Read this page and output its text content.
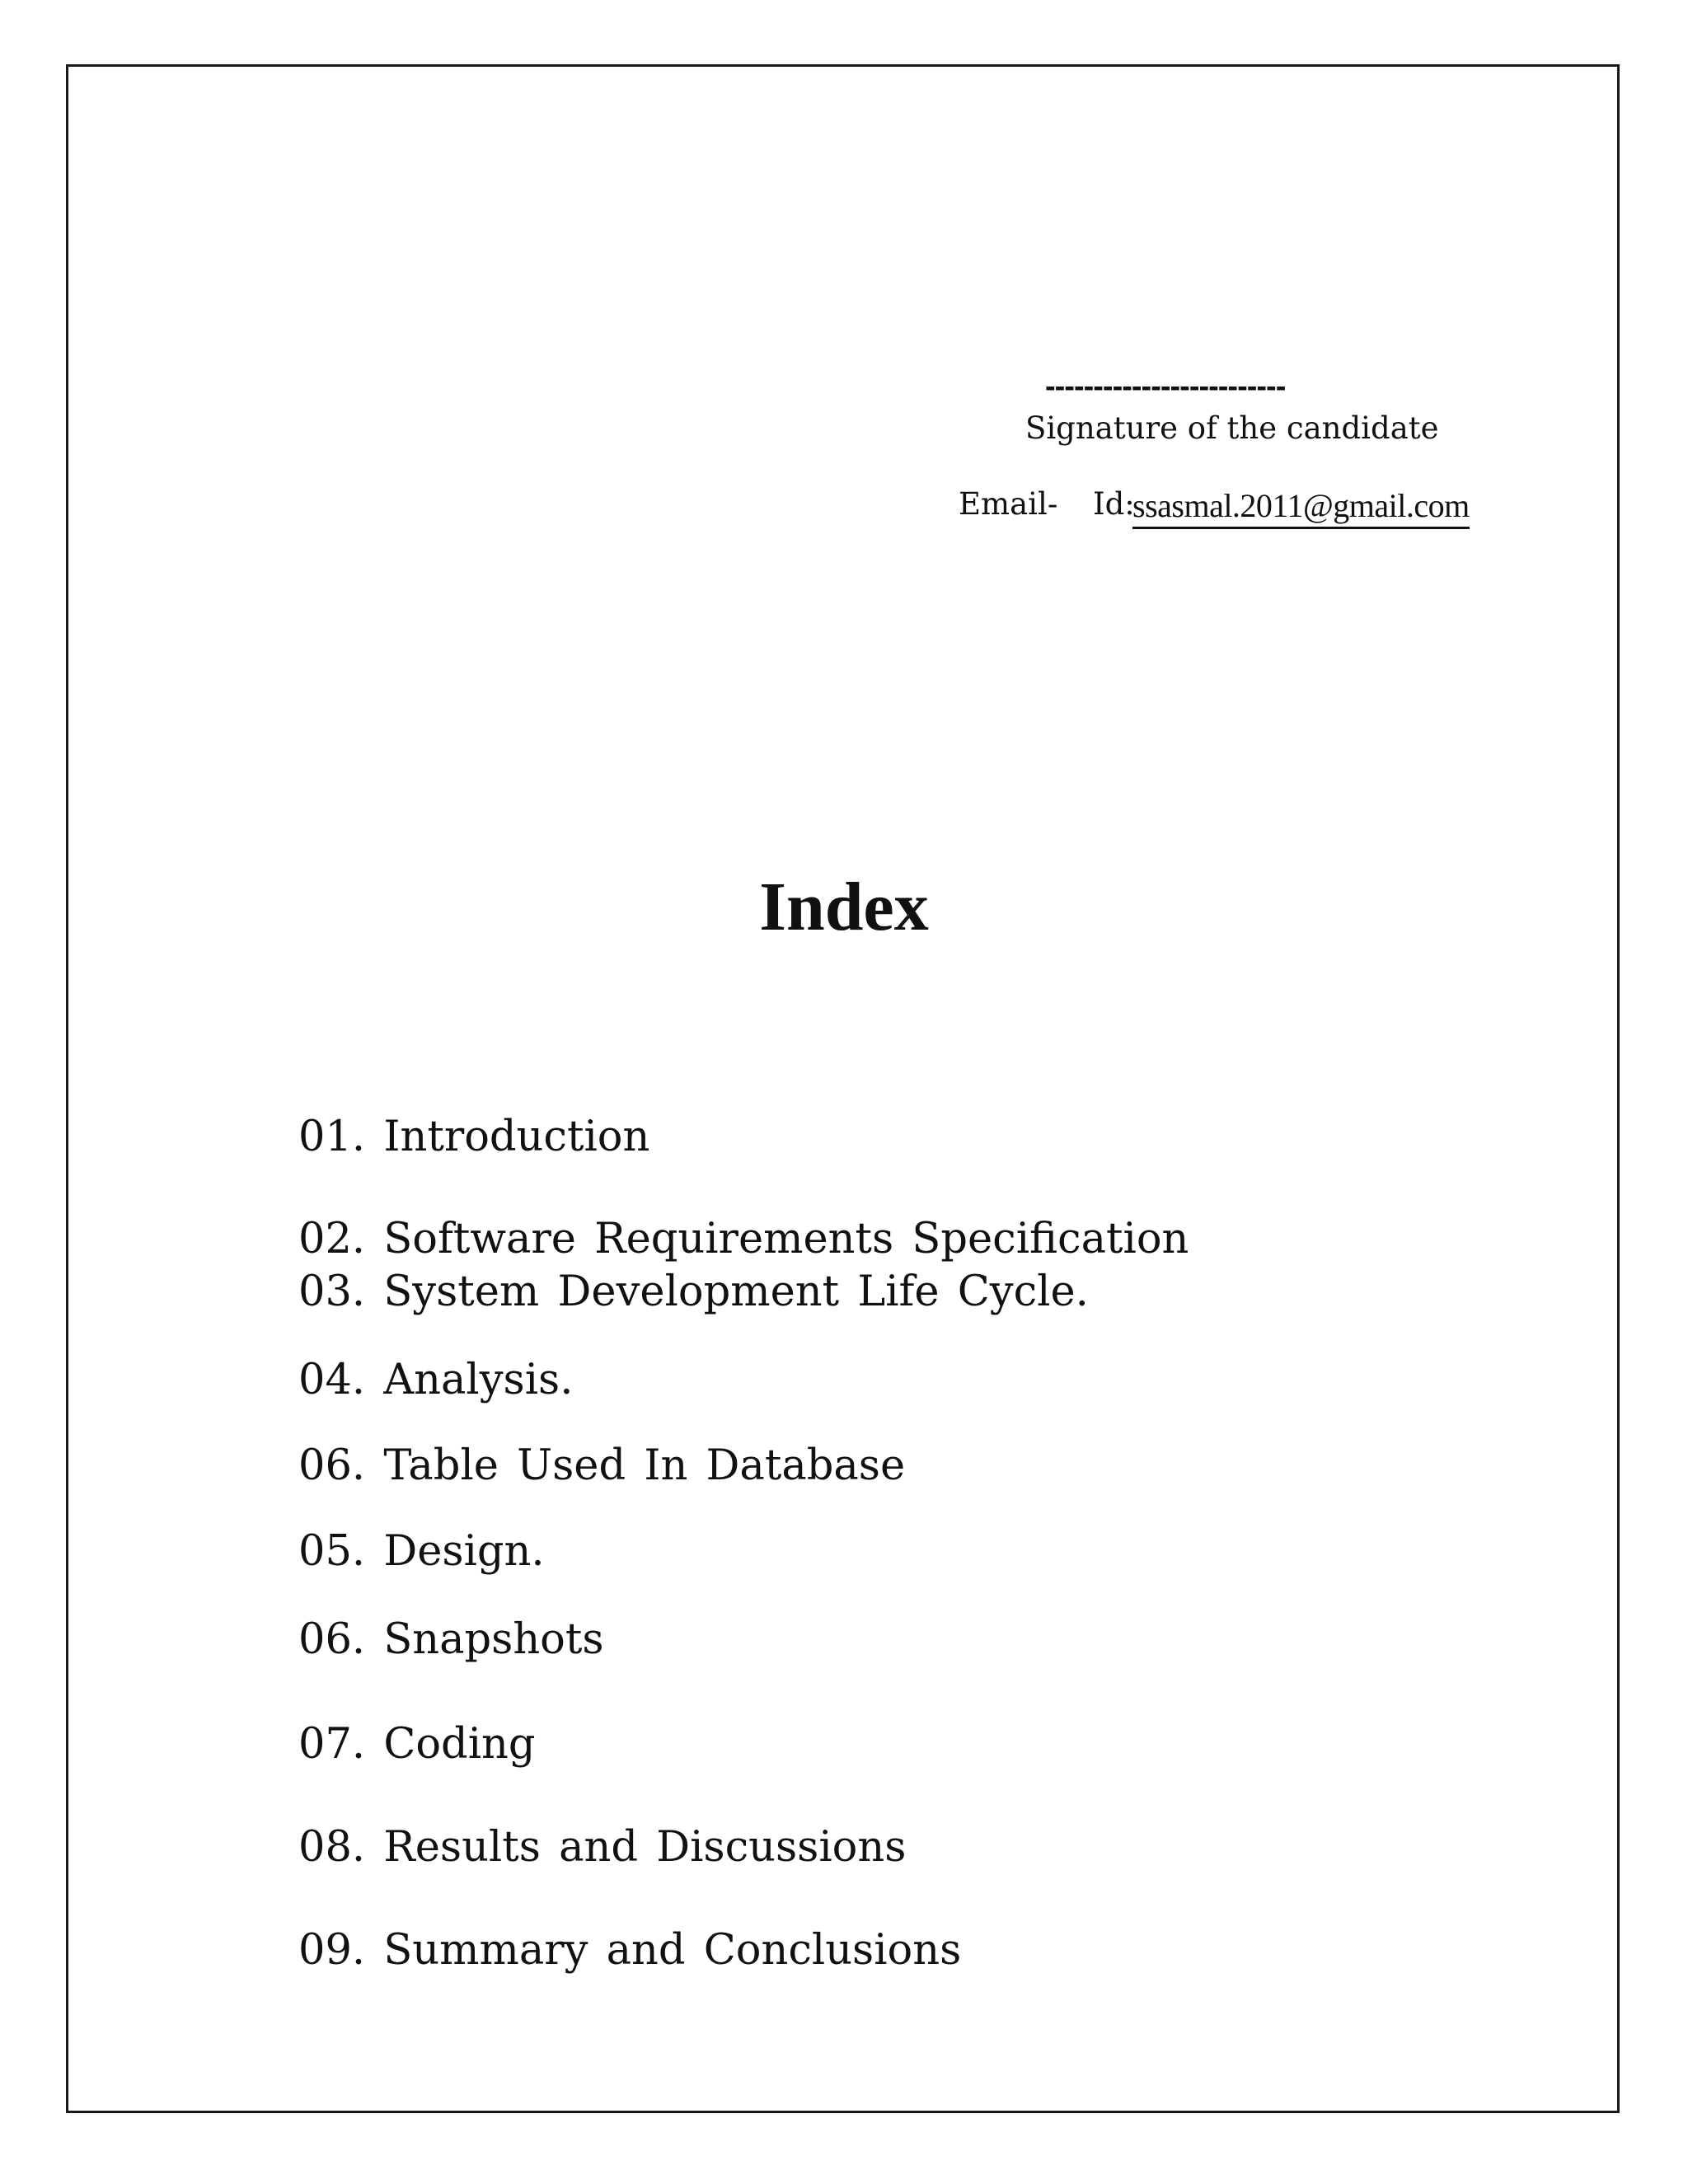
-------------------------
Signature of the candidate
Email- Id:
ssasmal.2011@gmail.com
Index
01. Introduction
02. Software Requirements Specification
03. System Development Life Cycle.
04. Analysis.
06. Table Used In Database
05. Design.
06. Snapshots
07. Coding
08. Results and Discussions
09. Summary and Conclusions
